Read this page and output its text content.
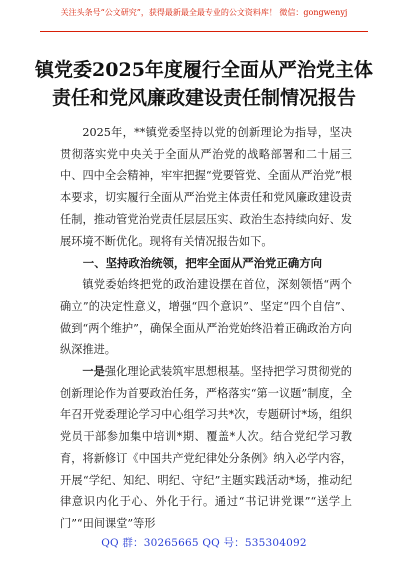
关注头条号“公文研究”，获得最新最全最专业的公文资料库！ 微信：gongwenyj
镇党委2025年度履行全面从严治党主体
责任和党风廉政建设责任制情况报告

2025年，**镇党委坚持以党的创新理论为指导，坚决贯彻落实党中央关于全面从严治党的战略部署和二十届三中、四中全会精神，牢牢把握“党要管党、全面从严治党”根本要求，切实履行全面从严治党主体责任和党风廉政建设责任制，推动管党治党责任层层压实、政治生态持续向好、发展环境不断优化。现将有关情况报告如下。

一、坚持政治统领，把牢全面从严治党正确方向

镇党委始终把党的政治建设摆在首位，深刻领悟“两个确立”的决定性意义，增强“四个意识”、坚定“四个自信”、做到“两个维护”，确保全面从严治党始终沿着正确政治方向纵深推进。

一是强化理论武装筑牢思想根基。坚持把学习贯彻党的创新理论作为首要政治任务，严格落实“第一议题”制度，全年召开党委理论学习中心组学习共*次，专题研讨*场，组织党员干部参加集中培训*期、覆盖*人次。结合党纪学习教育，将新修订《中国共产党纪律处分条例》纳入必学内容，开展“学纪、知纪、明纪、守纪”主题实践活动*场，推动纪律意识内化于心、外化于行。通过“书记讲党课”“送学上门”“田间课堂”等形

QQ 群：30265665 QQ 号：535304092
